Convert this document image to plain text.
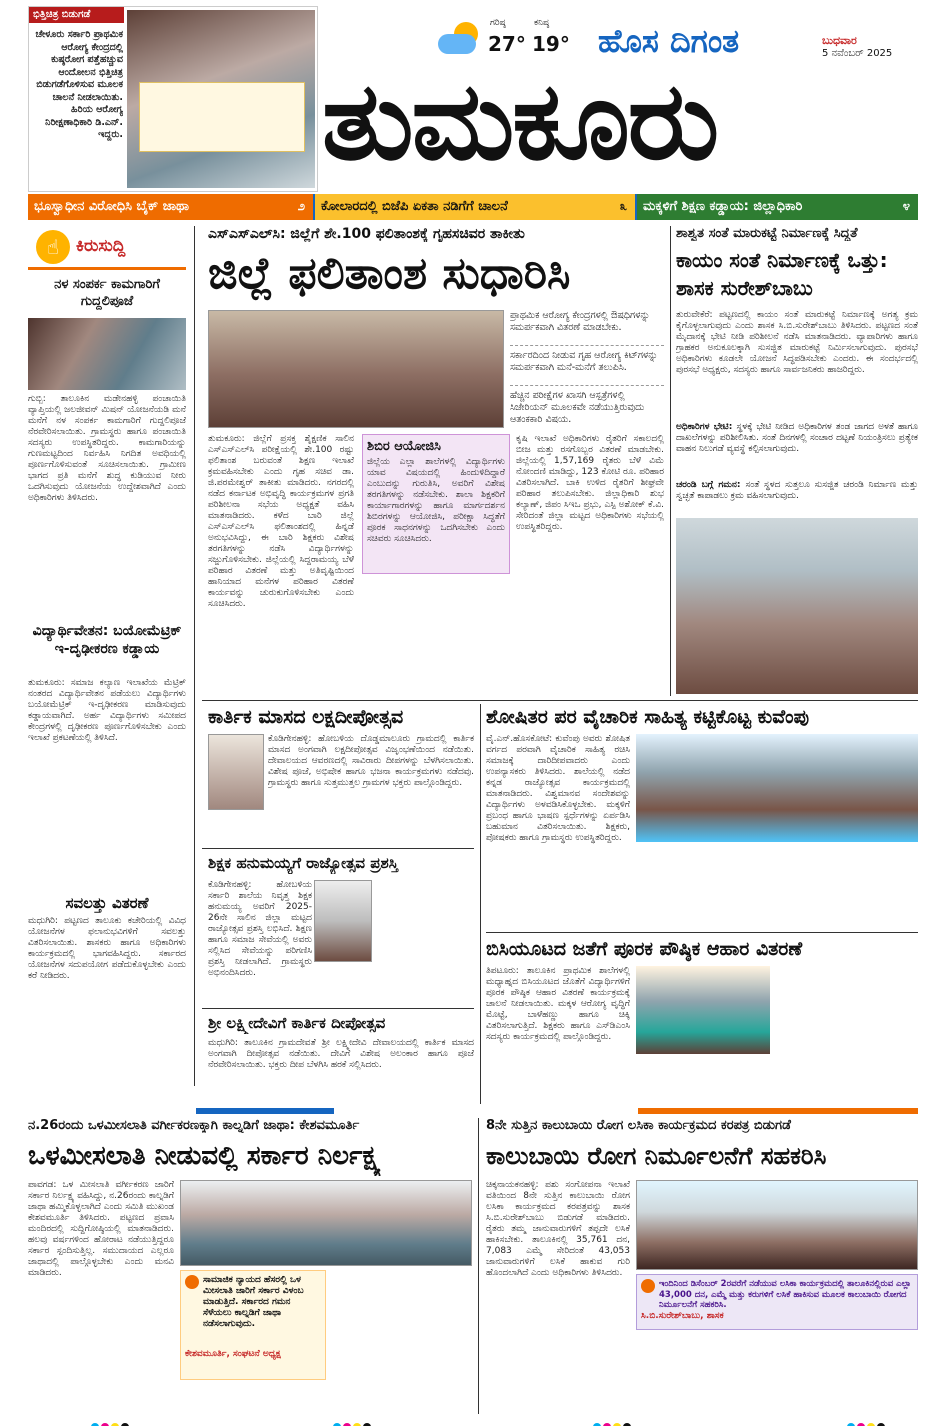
ಭಿತ್ತಿಚಿತ್ರ ಬಿಡುಗಡೆ
ಚೇಳೂರು ಸರ್ಕಾರಿ ಪ್ರಾಥಮಿಕ ಆರೋಗ್ಯ ಕೇಂದ್ರದಲ್ಲಿ ಕುಷ್ಠರೋಗ ಪತ್ತೆಹಚ್ಚುವ ಆಂದೋಲನ ಭಿತ್ತಿಚಿತ್ರ ಬಿಡುಗಡೆಗೊಳಿಸುವ ಮೂಲಕ ಚಾಲನೆ ನೀಡಲಾಯಿತು. ಹಿರಿಯ ಆರೋಗ್ಯ ನಿರೀಕ್ಷಣಾಧಿಕಾರಿ ಡಿ.ಎನ್. ಇದ್ದರು.
ಗರಿಷ್ಠ
27°
ಕನಿಷ್ಠ
19° ಹೊಸ ದಿಗಂತ	ಬುಧವಾರ
5 ನವೆಂಬರ್ 2025
ತುಮಕೂರು
ಭೂಸ್ವಾಧೀನ ವಿರೋಧಿಸಿ ಬೈಕ್ ಜಾಥಾ	೨	ಕೋಲಾರದಲ್ಲಿ ಬಿಜೆಪಿ ಏಕತಾ ನಡಿಗೆಗೆ ಚಾಲನೆ	೩	ಮಕ್ಕಳಿಗೆ ಶಿಕ್ಷಣ ಕಡ್ಡಾಯ: ಜಿಲ್ಲಾಧಿಕಾರಿ	೪
☝ ಕಿರುಸುದ್ದಿ
ನಳ ಸಂಪರ್ಕ ಕಾಮಗಾರಿಗೆ ಗುದ್ದಲಿಪೂಜೆ
ಗುಬ್ಬಿ: ತಾಲೂಕಿನ ಮಡೇನಹಳ್ಳಿ ಪಂಚಾಯಿತಿ ವ್ಯಾಪ್ತಿಯಲ್ಲಿ ಜಲಜೀವನ್ ಮಿಷನ್ ಯೋಜನೆಯಡಿ ಮನೆ ಮನೆಗೆ ನಳ ಸಂಪರ್ಕ ಕಾಮಗಾರಿಗೆ ಗುದ್ದಲಿಪೂಜೆ ನೆರವೇರಿಸಲಾಯಿತು. ಗ್ರಾಮಸ್ಥರು ಹಾಗೂ ಪಂಚಾಯಿತಿ ಸದಸ್ಯರು ಉಪಸ್ಥಿತರಿದ್ದರು. ಕಾಮಗಾರಿಯನ್ನು ಗುಣಮಟ್ಟದಿಂದ ನಿರ್ವಹಿಸಿ ನಿಗದಿತ ಅವಧಿಯಲ್ಲಿ ಪೂರ್ಣಗೊಳಿಸುವಂತೆ ಸೂಚಿಸಲಾಯಿತು. ಗ್ರಾಮೀಣ ಭಾಗದ ಪ್ರತಿ ಮನೆಗೆ ಶುದ್ಧ ಕುಡಿಯುವ ನೀರು ಒದಗಿಸುವುದು ಯೋಜನೆಯ ಉದ್ದೇಶವಾಗಿದೆ ಎಂದು ಅಧಿಕಾರಿಗಳು ತಿಳಿಸಿದರು.
ವಿದ್ಯಾರ್ಥಿವೇತನ: ಬಯೋಮೆಟ್ರಿಕ್ ಇ-ದೃಢೀಕರಣ ಕಡ್ಡಾಯ
ತುಮಕೂರು: ಸಮಾಜ ಕಲ್ಯಾಣ ಇಲಾಖೆಯ ಮೆಟ್ರಿಕ್ ನಂತರದ ವಿದ್ಯಾರ್ಥಿವೇತನ ಪಡೆಯಲು ವಿದ್ಯಾರ್ಥಿಗಳು ಬಯೋಮೆಟ್ರಿಕ್ ಇ-ದೃಢೀಕರಣ ಮಾಡಿಸುವುದು ಕಡ್ಡಾಯವಾಗಿದೆ. ಅರ್ಹ ವಿದ್ಯಾರ್ಥಿಗಳು ಸಮೀಪದ ಕೇಂದ್ರಗಳಲ್ಲಿ ದೃಢೀಕರಣ ಪೂರ್ಣಗೊಳಿಸಬೇಕು ಎಂದು ಇಲಾಖೆ ಪ್ರಕಟಣೆಯಲ್ಲಿ ತಿಳಿಸಿದೆ.
ಸವಲತ್ತು ವಿತರಣೆ
ಮಧುಗಿರಿ: ಪಟ್ಟಣದ ತಾಲೂಕು ಕಚೇರಿಯಲ್ಲಿ ವಿವಿಧ ಯೋಜನೆಗಳ ಫಲಾನುಭವಿಗಳಿಗೆ ಸವಲತ್ತು ವಿತರಿಸಲಾಯಿತು. ಶಾಸಕರು ಹಾಗೂ ಅಧಿಕಾರಿಗಳು ಕಾರ್ಯಕ್ರಮದಲ್ಲಿ ಭಾಗವಹಿಸಿದ್ದರು. ಸರ್ಕಾರದ ಯೋಜನೆಗಳ ಸದುಪಯೋಗ ಪಡೆದುಕೊಳ್ಳಬೇಕು ಎಂದು ಕರೆ ನೀಡಿದರು.
ಎಸ್‌ಎಸ್‌ಎಲ್‌ಸಿ: ಜಿಲ್ಲೆಗೆ ಶೇ.100 ಫಲಿತಾಂಶಕ್ಕೆ ಗೃಹಸಚಿವರ ತಾಕೀತು
ಜಿಲ್ಲೆ ಫಲಿತಾಂಶ ಸುಧಾರಿಸಿ
ಪ್ರಾಥಮಿಕ ಆರೋಗ್ಯ ಕೇಂದ್ರಗಳಲ್ಲಿ ಔಷಧಿಗಳನ್ನು ಸಮರ್ಪಕವಾಗಿ ವಿತರಣೆ ಮಾಡಬೇಕು.
ಸರ್ಕಾರದಿಂದ ನೀಡುವ ಗೃಹ ಆರೋಗ್ಯ ಕಿಟ್‌ಗಳನ್ನು ಸಮರ್ಪಕವಾಗಿ ಮನೆ-ಮನೆಗೆ ತಲುಪಿಸಿ.
ಹೆಚ್ಚಿನ ಪರೀಕ್ಷೆಗಳ ಖಾಸಗಿ ಆಸ್ಪತ್ರೆಗಳಲ್ಲಿ ಸಿಜೇರಿಯನ್ ಮೂಲಕವೇ ನಡೆಯುತ್ತಿರುವುದು ಆತಂಕಕಾರಿ ವಿಷಯ.
ತುಮಕೂರು: ಜಿಲ್ಲೆಗೆ ಪ್ರಸಕ್ತ ಶೈಕ್ಷಣಿಕ ಸಾಲಿನ ಎಸ್‌ಎಸ್‌ಎಲ್‌ಸಿ ಪರೀಕ್ಷೆಯಲ್ಲಿ ಶೇ.100 ರಷ್ಟು ಫಲಿತಾಂಶ ಬರುವಂತೆ ಶಿಕ್ಷಣ ಇಲಾಖೆ ಕ್ರಮವಹಿಸಬೇಕು ಎಂದು ಗೃಹ ಸಚಿವ ಡಾ. ಜಿ.ಪರಮೇಶ್ವರ್ ತಾಕೀತು ಮಾಡಿದರು. ನಗರದಲ್ಲಿ ನಡೆದ ಕರ್ನಾಟಕ ಅಭಿವೃದ್ಧಿ ಕಾರ್ಯಕ್ರಮಗಳ ಪ್ರಗತಿ ಪರಿಶೀಲನಾ ಸಭೆಯ ಅಧ್ಯಕ್ಷತೆ ವಹಿಸಿ ಮಾತನಾಡಿದರು. ಕಳೆದ ಬಾರಿ ಜಿಲ್ಲೆ ಎಸ್‌ಎಸ್‌ಎಲ್‌ಸಿ ಫಲಿತಾಂಶದಲ್ಲಿ ಹಿನ್ನಡೆ ಅನುಭವಿಸಿದ್ದು, ಈ ಬಾರಿ ಶಿಕ್ಷಕರು ವಿಶೇಷ ತರಗತಿಗಳನ್ನು ನಡೆಸಿ ವಿದ್ಯಾರ್ಥಿಗಳನ್ನು ಸಜ್ಜುಗೊಳಿಸಬೇಕು. ಜಿಲ್ಲೆಯಲ್ಲಿ ಸಿದ್ದರಾಮಯ್ಯ ಬೆಳೆ ಪರಿಹಾರ ವಿತರಣೆ ಮತ್ತು ಅತಿವೃಷ್ಟಿಯಿಂದ ಹಾನಿಯಾದ ಮನೆಗಳ ಪರಿಹಾರ ವಿತರಣೆ ಕಾರ್ಯವನ್ನು ಚುರುಕುಗೊಳಿಸಬೇಕು ಎಂದು ಸೂಚಿಸಿದರು.
ಶಿಬಿರ ಆಯೋಜಿಸಿ
ಜಿಲ್ಲೆಯ ಎಲ್ಲಾ ಶಾಲೆಗಳಲ್ಲಿ ವಿದ್ಯಾರ್ಥಿಗಳು ಯಾವ ವಿಷಯದಲ್ಲಿ ಹಿಂದುಳಿದಿದ್ದಾರೆ ಎಂಬುದನ್ನು ಗುರುತಿಸಿ, ಅವರಿಗೆ ವಿಶೇಷ ತರಗತಿಗಳನ್ನು ನಡೆಸಬೇಕು. ಶಾಲಾ ಶಿಕ್ಷಕರಿಗೆ ಕಾರ್ಯಾಗಾರಗಳನ್ನು ಹಾಗೂ ಮಾರ್ಗದರ್ಶನ ಶಿಬಿರಗಳನ್ನು ಆಯೋಜಿಸಿ, ಪರೀಕ್ಷಾ ಸಿದ್ಧತೆಗೆ ಪೂರಕ ಸಾಧನಗಳನ್ನು ಒದಗಿಸಬೇಕು ಎಂದು ಸಚಿವರು ಸೂಚಿಸಿದರು.
ಕೃಷಿ ಇಲಾಖೆ ಅಧಿಕಾರಿಗಳು ರೈತರಿಗೆ ಸಕಾಲದಲ್ಲಿ ಬೀಜ ಮತ್ತು ರಸಗೊಬ್ಬರ ವಿತರಣೆ ಮಾಡಬೇಕು. ಜಿಲ್ಲೆಯಲ್ಲಿ 1,57,169 ರೈತರು ಬೆಳೆ ವಿಮೆ ನೋಂದಣಿ ಮಾಡಿದ್ದು, 123 ಕೋಟಿ ರೂ. ಪರಿಹಾರ ವಿತರಿಸಲಾಗಿದೆ. ಬಾಕಿ ಉಳಿದ ರೈತರಿಗೆ ಶೀಘ್ರವೇ ಪರಿಹಾರ ತಲುಪಿಸಬೇಕು. ಜಿಲ್ಲಾಧಿಕಾರಿ ಶುಭ ಕಲ್ಯಾಣ್, ಜಿಪಂ ಸಿಇಒ ಪ್ರಭು, ಎಸ್ಪಿ ಅಶೋಕ್ ಕೆ.ವಿ. ಸೇರಿದಂತೆ ಜಿಲ್ಲಾ ಮಟ್ಟದ ಅಧಿಕಾರಿಗಳು ಸಭೆಯಲ್ಲಿ ಉಪಸ್ಥಿತರಿದ್ದರು.
ಶಾಶ್ವತ ಸಂತೆ ಮಾರುಕಟ್ಟೆ ನಿರ್ಮಾಣಕ್ಕೆ ಸಿದ್ಧತೆ
ಕಾಯಂ ಸಂತೆ ನಿರ್ಮಾಣಕ್ಕೆ ಒತ್ತು: ಶಾಸಕ ಸುರೇಶ್‌ಬಾಬು
ತುರುವೇಕೆರೆ: ಪಟ್ಟಣದಲ್ಲಿ ಕಾಯಂ ಸಂತೆ ಮಾರುಕಟ್ಟೆ ನಿರ್ಮಾಣಕ್ಕೆ ಅಗತ್ಯ ಕ್ರಮ ಕೈಗೊಳ್ಳಲಾಗುವುದು ಎಂದು ಶಾಸಕ ಸಿ.ಬಿ.ಸುರೇಶ್‌ಬಾಬು ತಿಳಿಸಿದರು. ಪಟ್ಟಣದ ಸಂತೆ ಮೈದಾನಕ್ಕೆ ಭೇಟಿ ನೀಡಿ ಪರಿಶೀಲನೆ ನಡೆಸಿ ಮಾತನಾಡಿದರು. ವ್ಯಾಪಾರಿಗಳು ಹಾಗೂ ಗ್ರಾಹಕರ ಅನುಕೂಲಕ್ಕಾಗಿ ಸುಸಜ್ಜಿತ ಮಾರುಕಟ್ಟೆ ನಿರ್ಮಿಸಲಾಗುವುದು. ಪುರಸಭೆ ಅಧಿಕಾರಿಗಳು ಕೂಡಲೇ ಯೋಜನೆ ಸಿದ್ಧಪಡಿಸಬೇಕು ಎಂದರು. ಈ ಸಂದರ್ಭದಲ್ಲಿ ಪುರಸಭೆ ಅಧ್ಯಕ್ಷರು, ಸದಸ್ಯರು ಹಾಗೂ ಸಾರ್ವಜನಿಕರು ಹಾಜರಿದ್ದರು.
ಅಧಿಕಾರಿಗಳ ಭೇಟಿ: ಸ್ಥಳಕ್ಕೆ ಭೇಟಿ ನೀಡಿದ ಅಧಿಕಾರಿಗಳ ತಂಡ ಜಾಗದ ಅಳತೆ ಹಾಗೂ ದಾಖಲೆಗಳನ್ನು ಪರಿಶೀಲಿಸಿತು. ಸಂತೆ ದಿನಗಳಲ್ಲಿ ಸಂಚಾರ ದಟ್ಟಣೆ ನಿಯಂತ್ರಿಸಲು ಪ್ರತ್ಯೇಕ ವಾಹನ ನಿಲುಗಡೆ ವ್ಯವಸ್ಥೆ ಕಲ್ಪಿಸಲಾಗುವುದು.
ಚರಂಡಿ ಬಗ್ಗೆ ಗಮನ: ಸಂತೆ ಸ್ಥಳದ ಸುತ್ತಲೂ ಸುಸಜ್ಜಿತ ಚರಂಡಿ ನಿರ್ಮಾಣ ಮತ್ತು ಸ್ವಚ್ಛತೆ ಕಾಪಾಡಲು ಕ್ರಮ ವಹಿಸಲಾಗುವುದು.
ಕಾರ್ತಿಕ ಮಾಸದ ಲಕ್ಷದೀಪೋತ್ಸವ
ಕೊಡಿಗೇನಹಳ್ಳಿ: ಹೋಬಳಿಯ ದೊಡ್ಡಮಾಲೂರು ಗ್ರಾಮದಲ್ಲಿ ಕಾರ್ತಿಕ ಮಾಸದ ಅಂಗವಾಗಿ ಲಕ್ಷದೀಪೋತ್ಸವ ವಿಜೃಂಭಣೆಯಿಂದ ನಡೆಯಿತು. ದೇವಾಲಯದ ಆವರಣದಲ್ಲಿ ಸಾವಿರಾರು ದೀಪಗಳನ್ನು ಬೆಳಗಿಸಲಾಯಿತು. ವಿಶೇಷ ಪೂಜೆ, ಅಭಿಷೇಕ ಹಾಗೂ ಭಜನಾ ಕಾರ್ಯಕ್ರಮಗಳು ನಡೆದವು. ಗ್ರಾಮಸ್ಥರು ಹಾಗೂ ಸುತ್ತಮುತ್ತಲ ಗ್ರಾಮಗಳ ಭಕ್ತರು ಪಾಲ್ಗೊಂಡಿದ್ದರು.
ಶಿಕ್ಷಕ ಹನುಮಯ್ಯಗೆ ರಾಜ್ಯೋತ್ಸವ ಪ್ರಶಸ್ತಿ
ಕೊಡಿಗೇನಹಳ್ಳಿ: ಹೋಬಳಿಯ ಸರ್ಕಾರಿ ಶಾಲೆಯ ನಿವೃತ್ತ ಶಿಕ್ಷಕ ಹನುಮಯ್ಯ ಅವರಿಗೆ 2025-26ನೇ ಸಾಲಿನ ಜಿಲ್ಲಾ ಮಟ್ಟದ ರಾಜ್ಯೋತ್ಸವ ಪ್ರಶಸ್ತಿ ಲಭಿಸಿದೆ. ಶಿಕ್ಷಣ ಹಾಗೂ ಸಮಾಜ ಸೇವೆಯಲ್ಲಿ ಅವರು ಸಲ್ಲಿಸಿದ ಸೇವೆಯನ್ನು ಪರಿಗಣಿಸಿ ಪ್ರಶಸ್ತಿ ನೀಡಲಾಗಿದೆ. ಗ್ರಾಮಸ್ಥರು ಅಭಿನಂದಿಸಿದರು.
ಶ್ರೀ ಲಕ್ಷ್ಮೀದೇವಿಗೆ ಕಾರ್ತಿಕ ದೀಪೋತ್ಸವ
ಮಧುಗಿರಿ: ತಾಲೂಕಿನ ಗ್ರಾಮದೇವತೆ ಶ್ರೀ ಲಕ್ಷ್ಮೀದೇವಿ ದೇವಾಲಯದಲ್ಲಿ ಕಾರ್ತಿಕ ಮಾಸದ ಅಂಗವಾಗಿ ದೀಪೋತ್ಸವ ನಡೆಯಿತು. ದೇವಿಗೆ ವಿಶೇಷ ಅಲಂಕಾರ ಹಾಗೂ ಪೂಜೆ ನೆರವೇರಿಸಲಾಯಿತು. ಭಕ್ತರು ದೀಪ ಬೆಳಗಿಸಿ ಹರಕೆ ಸಲ್ಲಿಸಿದರು.
ಶೋಷಿತರ ಪರ ವೈಚಾರಿಕ ಸಾಹಿತ್ಯ ಕಟ್ಟಿಕೊಟ್ಟ ಕುವೆಂಪು
ವೈ.ಎನ್.ಹೊಸಕೋಟೆ: ಕುವೆಂಪು ಅವರು ಶೋಷಿತ ವರ್ಗದ ಪರವಾಗಿ ವೈಚಾರಿಕ ಸಾಹಿತ್ಯ ರಚಿಸಿ ಸಮಾಜಕ್ಕೆ ದಾರಿದೀಪವಾದರು ಎಂದು ಉಪನ್ಯಾಸಕರು ತಿಳಿಸಿದರು. ಶಾಲೆಯಲ್ಲಿ ನಡೆದ ಕನ್ನಡ ರಾಜ್ಯೋತ್ಸವ ಕಾರ್ಯಕ್ರಮದಲ್ಲಿ ಮಾತನಾಡಿದರು. ವಿಶ್ವಮಾನವ ಸಂದೇಶವನ್ನು ವಿದ್ಯಾರ್ಥಿಗಳು ಅಳವಡಿಸಿಕೊಳ್ಳಬೇಕು. ಮಕ್ಕಳಿಗೆ ಪ್ರಬಂಧ ಹಾಗೂ ಭಾಷಣ ಸ್ಪರ್ಧೆಗಳನ್ನು ಏರ್ಪಡಿಸಿ ಬಹುಮಾನ ವಿತರಿಸಲಾಯಿತು. ಶಿಕ್ಷಕರು, ಪೋಷಕರು ಹಾಗೂ ಗ್ರಾಮಸ್ಥರು ಉಪಸ್ಥಿತರಿದ್ದರು.
ಬಿಸಿಯೂಟದ ಜತೆಗೆ ಪೂರಕ ಪೌಷ್ಠಿಕ ಆಹಾರ ವಿತರಣೆ
ತಿಪಟೂರು: ತಾಲೂಕಿನ ಪ್ರಾಥಮಿಕ ಶಾಲೆಗಳಲ್ಲಿ ಮಧ್ಯಾಹ್ನದ ಬಿಸಿಯೂಟದ ಜೊತೆಗೆ ವಿದ್ಯಾರ್ಥಿಗಳಿಗೆ ಪೂರಕ ಪೌಷ್ಠಿಕ ಆಹಾರ ವಿತರಣೆ ಕಾರ್ಯಕ್ರಮಕ್ಕೆ ಚಾಲನೆ ನೀಡಲಾಯಿತು. ಮಕ್ಕಳ ಆರೋಗ್ಯ ವೃದ್ಧಿಗೆ ಮೊಟ್ಟೆ, ಬಾಳೆಹಣ್ಣು ಹಾಗೂ ಚಿಕ್ಕಿ ವಿತರಿಸಲಾಗುತ್ತಿದೆ. ಶಿಕ್ಷಕರು ಹಾಗೂ ಎಸ್‌ಡಿಎಂಸಿ ಸದಸ್ಯರು ಕಾರ್ಯಕ್ರಮದಲ್ಲಿ ಪಾಲ್ಗೊಂಡಿದ್ದರು.
ನ.26ರಂದು ಒಳಮೀಸಲಾತಿ ವರ್ಗೀಕರಣಕ್ಕಾಗಿ ಕಾಲ್ನಡಿಗೆ ಜಾಥಾ: ಕೇಶವಮೂರ್ತಿ
ಒಳಮೀಸಲಾತಿ ನೀಡುವಲ್ಲಿ ಸರ್ಕಾರ ನಿರ್ಲಕ್ಷ್ಯ
ಪಾವಗಡ: ಒಳ ಮೀಸಲಾತಿ ವರ್ಗೀಕರಣ ಜಾರಿಗೆ ಸರ್ಕಾರ ನಿರ್ಲಕ್ಷ್ಯ ವಹಿಸಿದ್ದು, ನ.26ರಂದು ಕಾಲ್ನಡಿಗೆ ಜಾಥಾ ಹಮ್ಮಿಕೊಳ್ಳಲಾಗಿದೆ ಎಂದು ಸಮಿತಿ ಮುಖಂಡ ಕೇಶವಮೂರ್ತಿ ತಿಳಿಸಿದರು. ಪಟ್ಟಣದ ಪ್ರವಾಸಿ ಮಂದಿರದಲ್ಲಿ ಸುದ್ದಿಗೋಷ್ಠಿಯಲ್ಲಿ ಮಾತನಾಡಿದರು. ಹಲವು ವರ್ಷಗಳಿಂದ ಹೋರಾಟ ನಡೆಯುತ್ತಿದ್ದರೂ ಸರ್ಕಾರ ಸ್ಪಂದಿಸುತ್ತಿಲ್ಲ. ಸಮುದಾಯದ ಎಲ್ಲರೂ ಜಾಥಾದಲ್ಲಿ ಪಾಲ್ಗೊಳ್ಳಬೇಕು ಎಂದು ಮನವಿ ಮಾಡಿದರು.
ಸಾಮಾಜಿಕ ನ್ಯಾಯದ ಹೆಸರಲ್ಲಿ ಒಳ ಮೀಸಲಾತಿ ಜಾರಿಗೆ ಸರ್ಕಾರ ವಿಳಂಬ ಮಾಡುತ್ತಿದೆ. ಸರ್ಕಾರದ ಗಮನ ಸೆಳೆಯಲು ಕಾಲ್ನಡಿಗೆ ಜಾಥಾ ನಡೆಸಲಾಗುವುದು.
ಕೇಶವಮೂರ್ತಿ, ಸಂಘಟನೆ ಅಧ್ಯಕ್ಷ
8ನೇ ಸುತ್ತಿನ ಕಾಲುಬಾಯಿ ರೋಗ ಲಸಿಕಾ ಕಾರ್ಯಕ್ರಮದ ಕರಪತ್ರ ಬಿಡುಗಡೆ
ಕಾಲುಬಾಯಿ ರೋಗ ನಿರ್ಮೂಲನೆಗೆ ಸಹಕರಿಸಿ
ಚಿಕ್ಕನಾಯಕನಹಳ್ಳಿ: ಪಶು ಸಂಗೋಪನಾ ಇಲಾಖೆ ವತಿಯಿಂದ 8ನೇ ಸುತ್ತಿನ ಕಾಲುಬಾಯಿ ರೋಗ ಲಸಿಕಾ ಕಾರ್ಯಕ್ರಮದ ಕರಪತ್ರವನ್ನು ಶಾಸಕ ಸಿ.ಬಿ.ಸುರೇಶ್‌ಬಾಬು ಬಿಡುಗಡೆ ಮಾಡಿದರು. ರೈತರು ತಮ್ಮ ಜಾನುವಾರುಗಳಿಗೆ ತಪ್ಪದೇ ಲಸಿಕೆ ಹಾಕಿಸಬೇಕು. ತಾಲೂಕಿನಲ್ಲಿ 35,761 ದನ, 7,083 ಎಮ್ಮೆ ಸೇರಿದಂತೆ 43,053 ಜಾನುವಾರುಗಳಿಗೆ ಲಸಿಕೆ ಹಾಕುವ ಗುರಿ ಹೊಂದಲಾಗಿದೆ ಎಂದು ಅಧಿಕಾರಿಗಳು ತಿಳಿಸಿದರು.
ಇಂದಿನಿಂದ ಡಿಸೆಂಬರ್ 2ರವರೆಗೆ ನಡೆಯುವ ಲಸಿಕಾ ಕಾರ್ಯಕ್ರಮದಲ್ಲಿ ತಾಲೂಕಿನಲ್ಲಿರುವ ಎಲ್ಲಾ 43,000 ದನ, ಎಮ್ಮೆ ಮತ್ತು ಕರುಗಳಿಗೆ ಲಸಿಕೆ ಹಾಕಿಸುವ ಮೂಲಕ ಕಾಲುಬಾಯಿ ರೋಗದ ನಿರ್ಮೂಲನೆಗೆ ಸಹಕರಿಸಿ.
ಸಿ.ಬಿ.ಸುರೇಶ್‌ಬಾಬು, ಶಾಸಕ
